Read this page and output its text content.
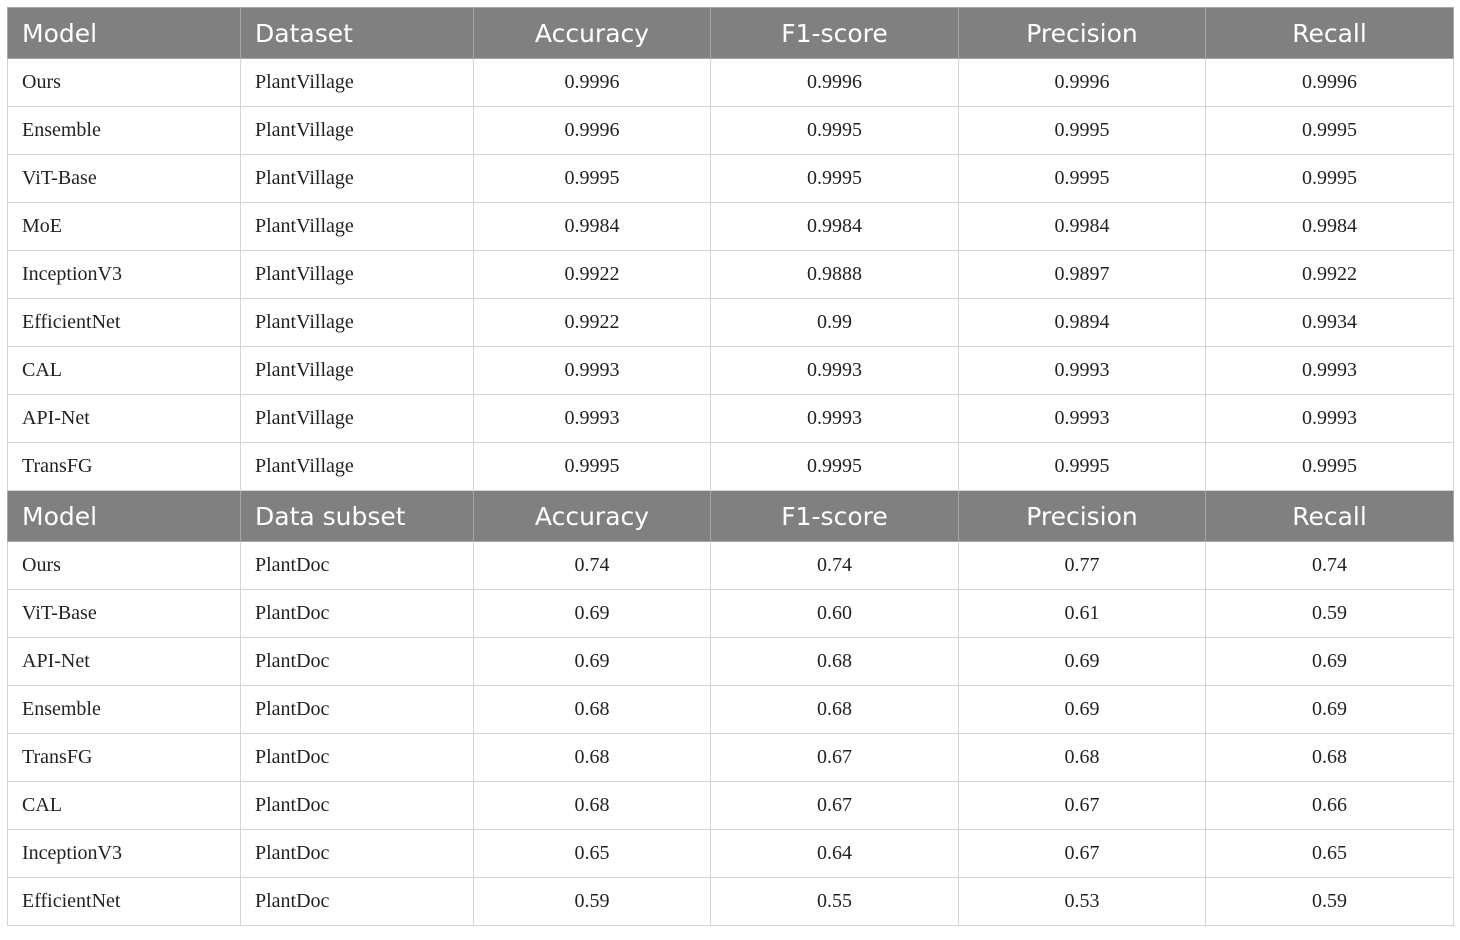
Model	Dataset	Accuracy	F1-score	Precision	Recall
Ours	PlantVillage	0.9996	0.9996	0.9996	0.9996
Ensemble	PlantVillage	0.9996	0.9995	0.9995	0.9995
ViT-Base	PlantVillage	0.9995	0.9995	0.9995	0.9995
MoE	PlantVillage	0.9984	0.9984	0.9984	0.9984
InceptionV3	PlantVillage	0.9922	0.9888	0.9897	0.9922
EfficientNet	PlantVillage	0.9922	0.99	0.9894	0.9934
CAL	PlantVillage	0.9993	0.9993	0.9993	0.9993
API-Net	PlantVillage	0.9993	0.9993	0.9993	0.9993
TransFG	PlantVillage	0.9995	0.9995	0.9995	0.9995
Model	Data subset	Accuracy	F1-score	Precision	Recall
Ours	PlantDoc	0.74	0.74	0.77	0.74
ViT-Base	PlantDoc	0.69	0.60	0.61	0.59
API-Net	PlantDoc	0.69	0.68	0.69	0.69
Ensemble	PlantDoc	0.68	0.68	0.69	0.69
TransFG	PlantDoc	0.68	0.67	0.68	0.68
CAL	PlantDoc	0.68	0.67	0.67	0.66
InceptionV3	PlantDoc	0.65	0.64	0.67	0.65
EfficientNet	PlantDoc	0.59	0.55	0.53	0.59
